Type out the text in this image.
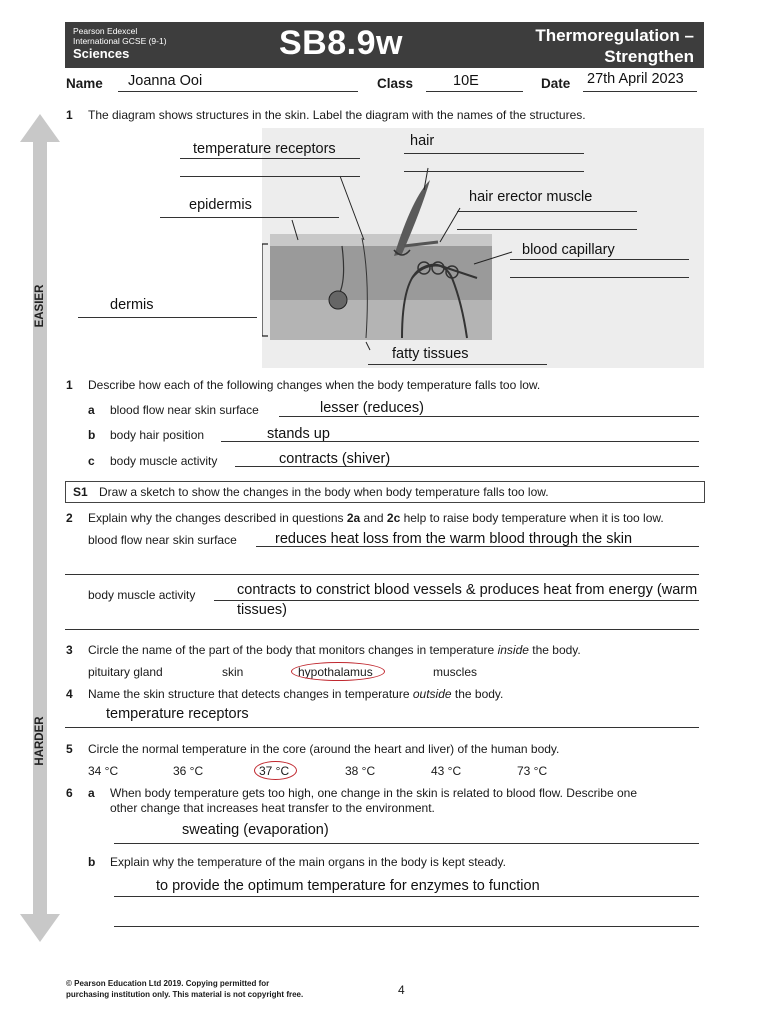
Pearson Edexcel
International GCSE (9-1)
Sciences	SB8.9w	Thermoregulation –
Strengthen
Name Joanna Ooi	Class	10E	Date 27th April 2023
EASIER
HARDER
1 The diagram shows structures in the skin. Label the diagram with the names of the structures.
temperature receptors	hair
epidermis	hair erector muscle
blood capillary
dermis
fatty tissues
1 Describe how each of the following changes when the body temperature falls too low.
a blood flow near skin surface	lesser (reduces)
b body hair position	stands up
c body muscle activity	contracts (shiver)
S1 Draw a sketch to show the changes in the body when body temperature falls too low.
2 Explain why the changes described in questions 2a and 2c help to raise body temperature when it is too low.
blood flow near skin surface	reduces heat loss from the warm blood through the skin
body muscle activity	contracts to constrict blood vessels & produces heat from energy (warm
tissues)
3 Circle the name of the part of the body that monitors changes in temperature inside the body.
pituitary gland	skin	hypothalamus	muscles
4 Name the skin structure that detects changes in temperature outside the body.
temperature receptors
5 Circle the normal temperature in the core (around the heart and liver) of the human body.
34 °C	36 °C	37 °C	38 °C	43 °C	73 °C
6 a When body temperature gets too high, one change in the skin is related to blood flow. Describe one
other change that increases heat transfer to the environment.
sweating (evaporation)
b Explain why the temperature of the main organs in the body is kept steady.
to provide the optimum temperature for enzymes to function
© Pearson Education Ltd 2019. Copying permitted for
purchasing institution only. This material is not copyright free.	4
